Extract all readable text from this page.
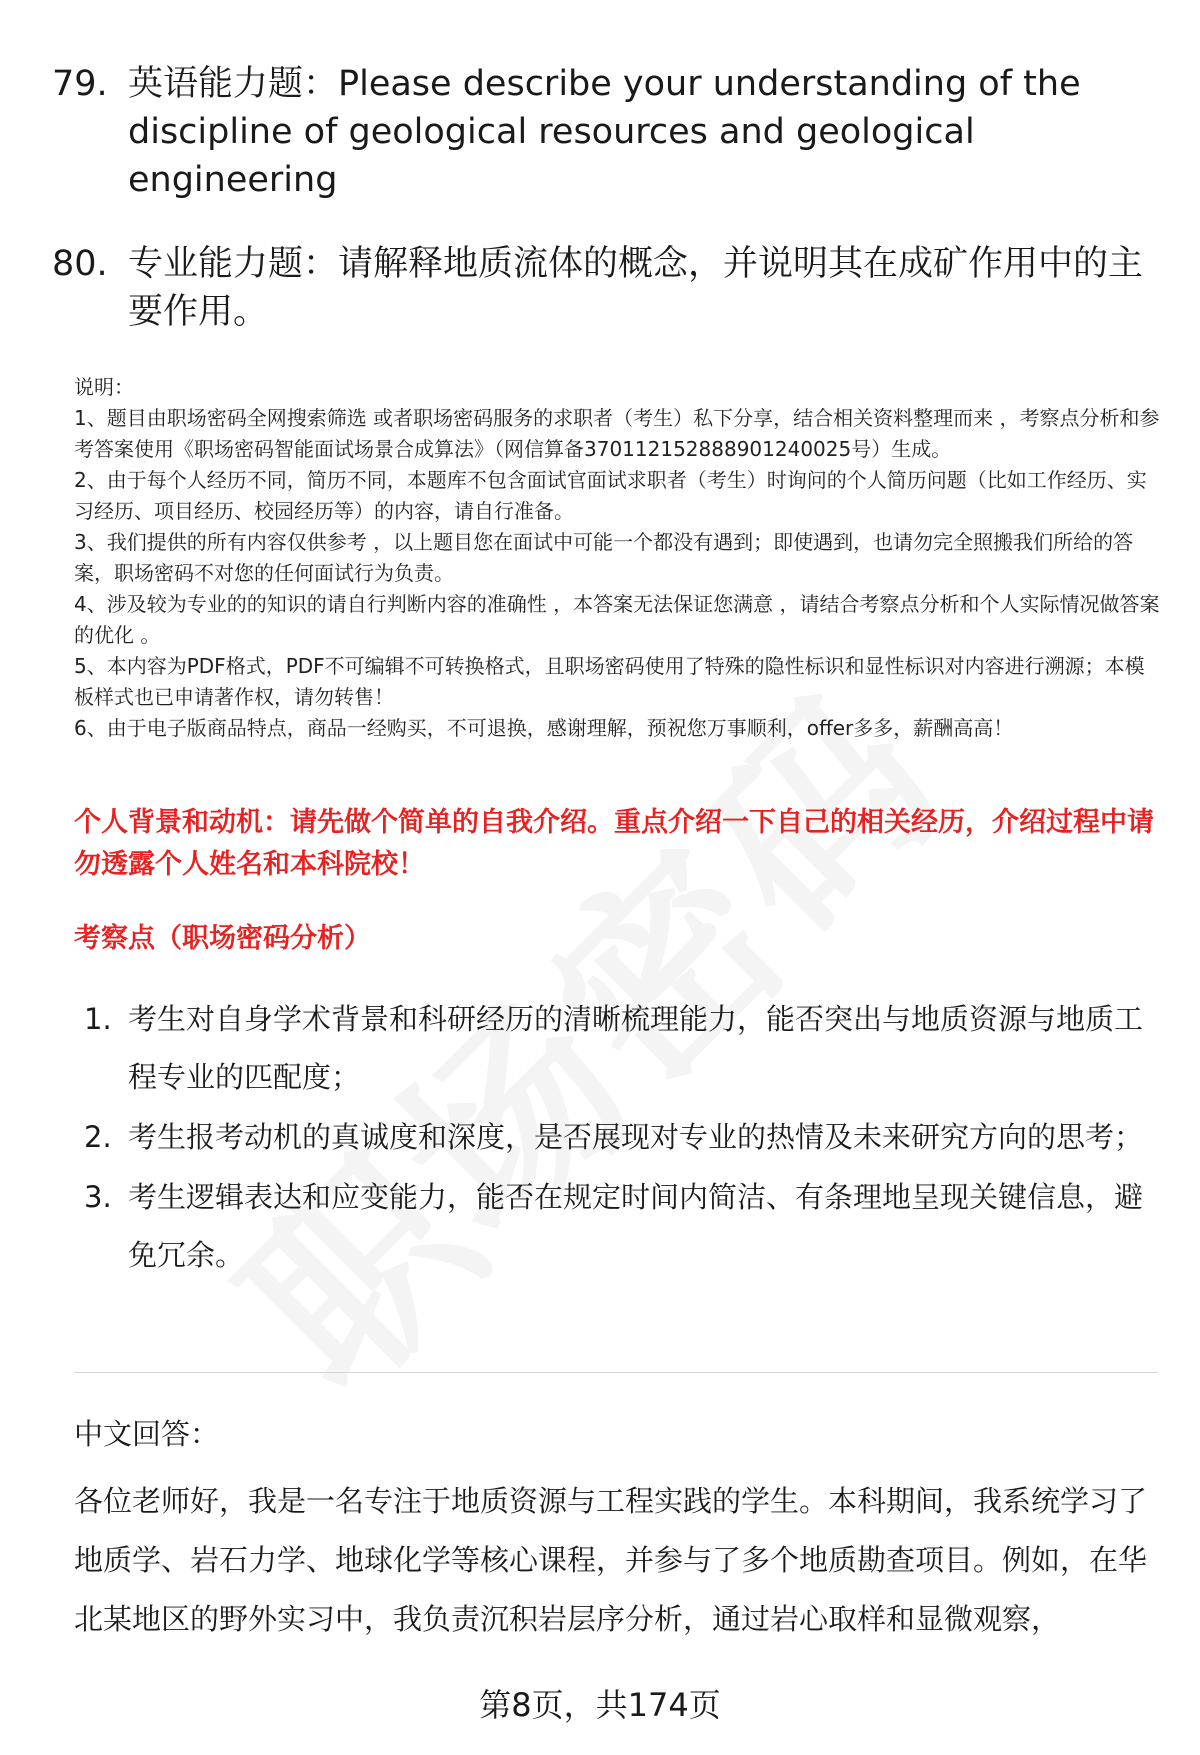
79. 英语能力题：Please describe your understanding of the discipline of geological resources and geological engineering
80. 专业能力题：请解释地质流体的概念，并说明其在成矿作用中的主要作用。

说明：

1、题目由职场密码全网搜索筛选 或者职场密码服务的求职者（考生）私下分享，结合相关资料整理而来 ，考察点分析和参考答案使用《职场密码智能面试场景合成算法》（网信算备370112152888901240025号）生成。

2、由于每个人经历不同，简历不同，本题库不包含面试官面试求职者（考生）时询问的个人简历问题（比如工作经历、实习经历、项目经历、校园经历等）的内容，请自行准备。

3、我们提供的所有内容仅供参考 ，以上题目您在面试中可能一个都没有遇到；即使遇到，也请勿完全照搬我们所给的答案，职场密码不对您的任何面试行为负责。

4、涉及较为专业的的知识的请自行判断内容的准确性 ，本答案无法保证您满意 ，请结合考察点分析和个人实际情况做答案的优化 。

5、本内容为PDF格式，PDF不可编辑不可转换格式，且职场密码使用了特殊的隐性标识和显性标识对内容进行溯源；本模板样式也已申请著作权，请勿转售！

6、由于电子版商品特点，商品一经购买，不可退换，感谢理解，预祝您万事顺利，offer多多，薪酬高高！

个人背景和动机：请先做个简单的自我介绍。重点介绍一下自己的相关经历，介绍过程中请勿透露个人姓名和本科院校！
考察点（职场密码分析）
1. 考生对自身学术背景和科研经历的清晰梳理能力，能否突出与地质资源与地质工程专业的匹配度；
2. 考生报考动机的真诚度和深度，是否展现对专业的热情及未来研究方向的思考；
3. 考生逻辑表达和应变能力，能否在规定时间内简洁、有条理地呈现关键信息，避免冗余。
中文回答：

各位老师好，我是一名专注于地质资源与工程实践的学生。本科期间，我系统学习了地质学、岩石力学、地球化学等核心课程，并参与了多个地质勘查项目。例如，在华北某地区的野外实习中，我负责沉积岩层序分析，通过岩心取样和显微观察，

第8页，共174页
